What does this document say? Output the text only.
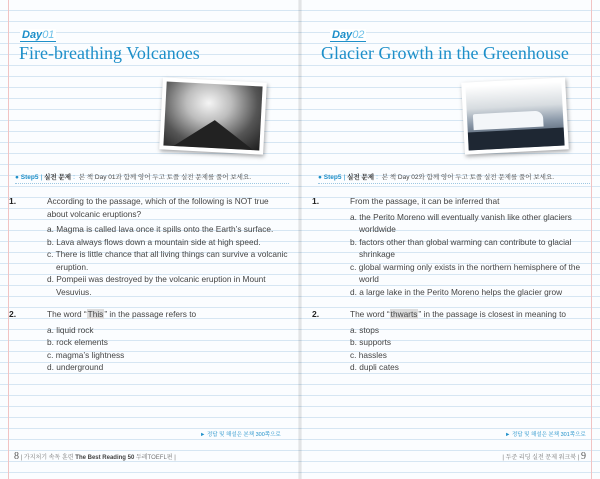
Day01
Fire-breathing Volcanoes
● Step5 | 실전 문제 : 본 책 Day 01과 함께 영어 두고 토플 실전 문제를 풀어 보세요.
1.	According to the passage, which of the following is NOT true about volcanic eruptions?
a. Magma is called lava once it spills onto the Earth’s surface.
b. Lava always flows down a mountain side at high speed.
c. There is little chance that all living things can survive a volcanic eruption.
d. Pompeii was destroyed by the volcanic eruption in Mount Vesuvius.
2.	The word “This” in the passage refers to
a. liquid rock
b. rock elements
c. magma’s lightness
d. underground
► 정답 및 해설은 본책 300쪽으로
8 | 가지처기 속독 훈련 The Best Reading 50 두레TOEFL편 |
Day02
Glacier Growth in the Greenhouse
● Step5 | 실전 문제 : 본 책 Day 02와 함께 영어 두고 토플 실전 문제를 풀어 보세요.
1.	From the passage, it can be inferred that
a. the Perito Moreno will eventually vanish like other glaciers worldwide
b. factors other than global warming can contribute to glacial shrinkage
c. global warming only exists in the northern hemisphere of the world
d. a large lake in the Perito Moreno helps the glacier grow
2.	The word “thwarts” in the passage is closest in meaning to
a. stops
b. supports
c. hassles
d. dupli cates
► 정답 및 해설은 본책 301쪽으로
| 두준 리딩 실전 문제 워크북 | 9
